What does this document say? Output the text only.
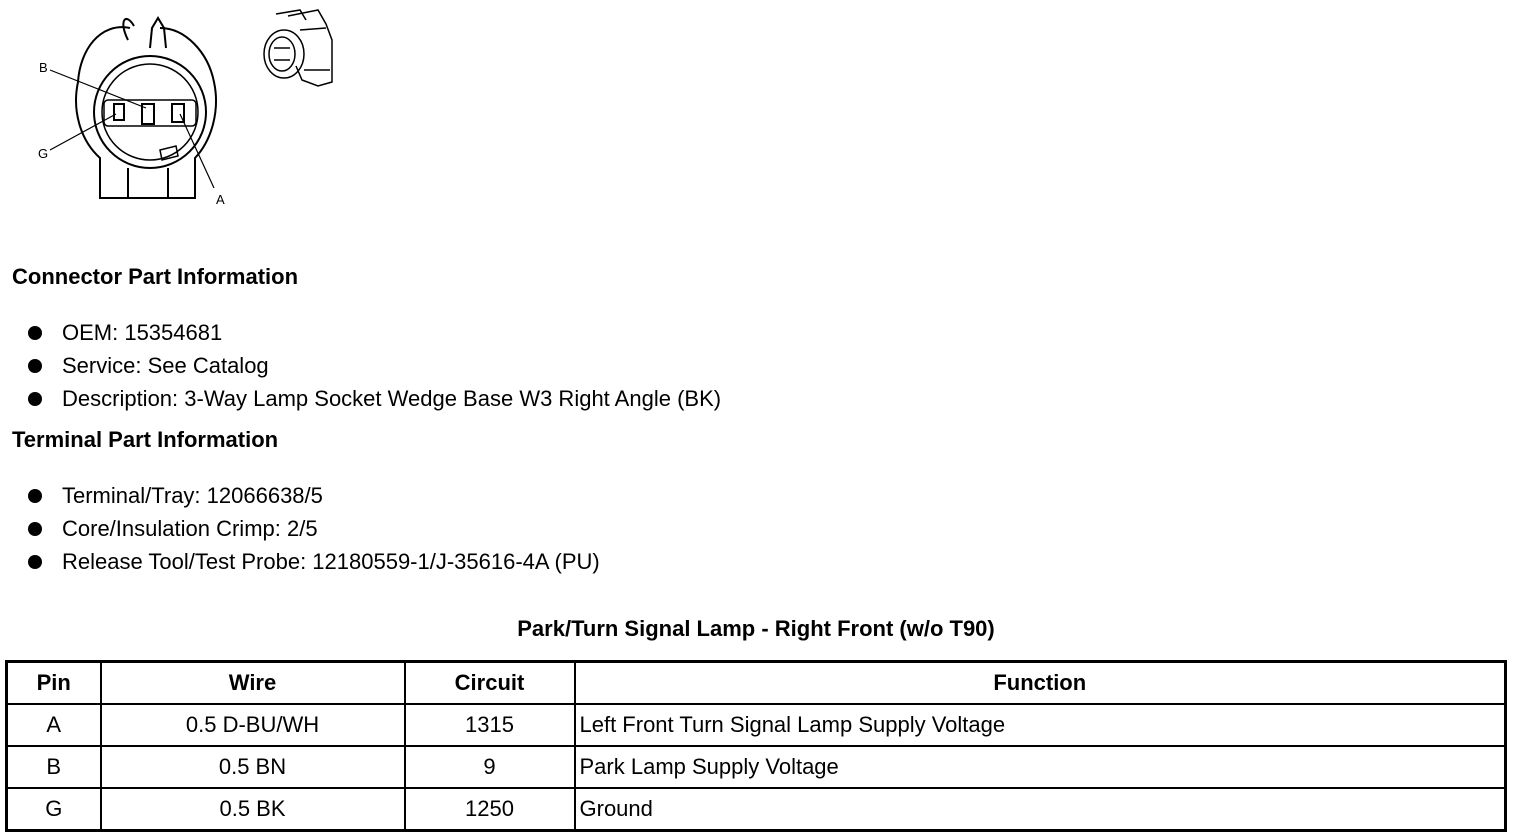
B
G
A
Connector Part Information
OEM: 15354681
Service: See Catalog
Description: 3-Way Lamp Socket Wedge Base W3 Right Angle (BK)
Terminal Part Information
Terminal/Tray: 12066638/5
Core/Insulation Crimp: 2/5
Release Tool/Test Probe: 12180559-1/J-35616-4A (PU)
Park/Turn Signal Lamp - Right Front (w/o T90)
Pin	Wire	Circuit	Function
A	0.5 D-BU/WH	1315	Left Front Turn Signal Lamp Supply Voltage
B	0.5 BN	9	Park Lamp Supply Voltage
G	0.5 BK	1250	Ground
